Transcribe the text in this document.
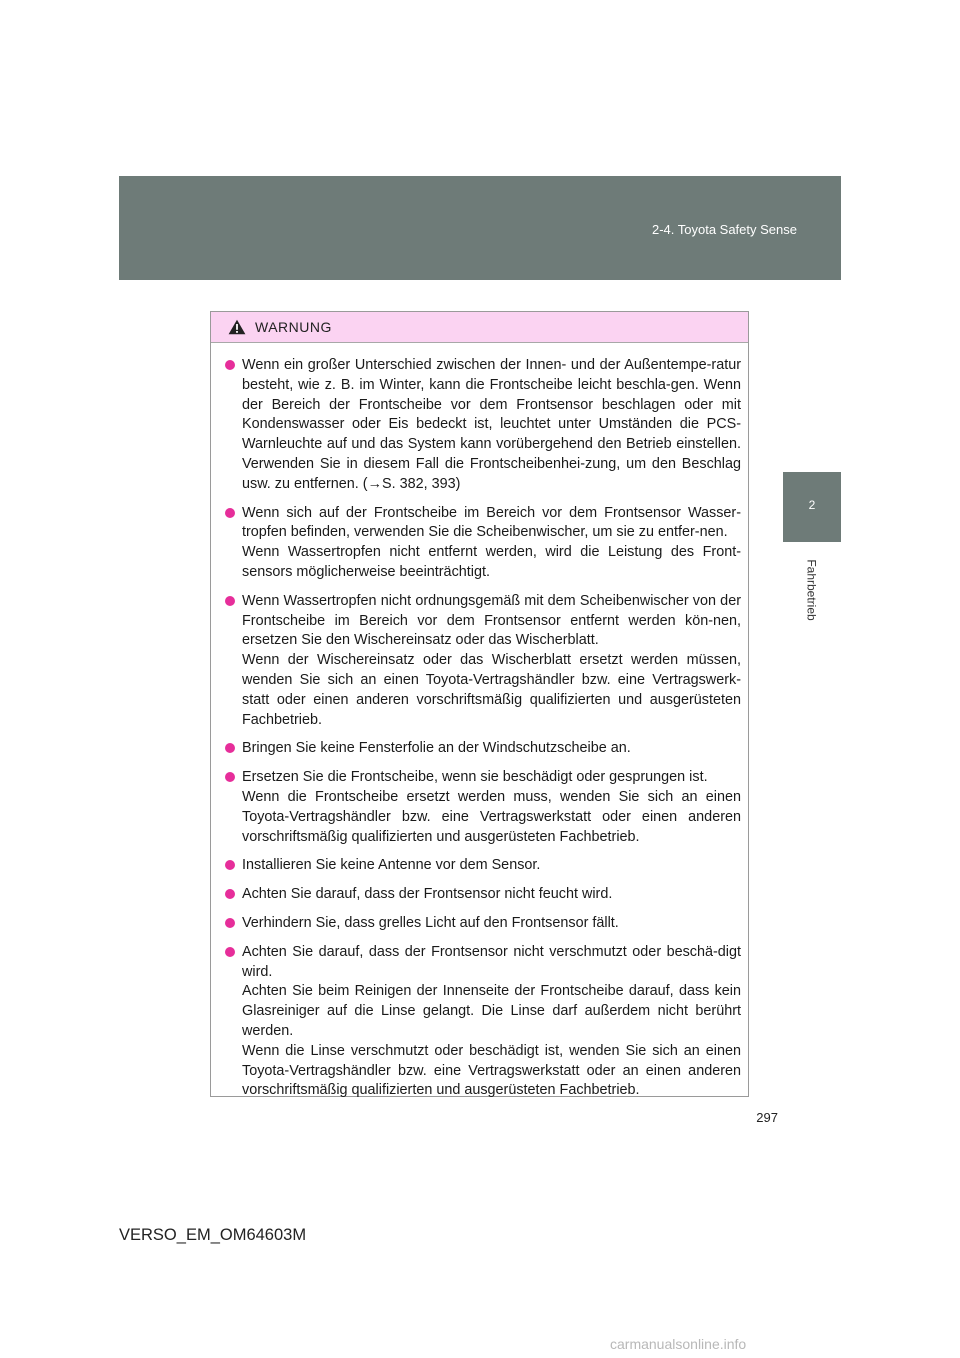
2-4. Toyota Safety Sense
2
Fahrbetrieb
WARNUNG

Wenn ein großer Unterschied zwischen der Innen- und der Außentempe-ratur besteht, wie z. B. im Winter, kann die Frontscheibe leicht beschla-gen. Wenn der Bereich der Frontscheibe vor dem Frontsensor beschlagen oder mit Kondenswasser oder Eis bedeckt ist, leuchtet unter Umständen die PCS-Warnleuchte auf und das System kann vorübergehend den Betrieb einstellen. Verwenden Sie in diesem Fall die Frontscheibenhei-zung, um den Beschlag usw. zu entfernen. (→S. 382, 393)

Wenn sich auf der Frontscheibe im Bereich vor dem Frontsensor Wasser-tropfen befinden, verwenden Sie die Scheibenwischer, um sie zu entfer-nen.

Wenn Wassertropfen nicht entfernt werden, wird die Leistung des Front-sensors möglicherweise beeinträchtigt.

Wenn Wassertropfen nicht ordnungsgemäß mit dem Scheibenwischer von der Frontscheibe im Bereich vor dem Frontsensor entfernt werden kön-nen, ersetzen Sie den Wischereinsatz oder das Wischerblatt.

Wenn der Wischereinsatz oder das Wischerblatt ersetzt werden müssen, wenden Sie sich an einen Toyota-Vertragshändler bzw. eine Vertragswerk-statt oder einen anderen vorschriftsmäßig qualifizierten und ausgerüsteten Fachbetrieb.

Bringen Sie keine Fensterfolie an der Windschutzscheibe an.

Ersetzen Sie die Frontscheibe, wenn sie beschädigt oder gesprungen ist.

Wenn die Frontscheibe ersetzt werden muss, wenden Sie sich an einen Toyota-Vertragshändler bzw. eine Vertragswerkstatt oder einen anderen vorschriftsmäßig qualifizierten und ausgerüsteten Fachbetrieb.

Installieren Sie keine Antenne vor dem Sensor.

Achten Sie darauf, dass der Frontsensor nicht feucht wird.

Verhindern Sie, dass grelles Licht auf den Frontsensor fällt.

Achten Sie darauf, dass der Frontsensor nicht verschmutzt oder beschä-digt wird.

Achten Sie beim Reinigen der Innenseite der Frontscheibe darauf, dass kein Glasreiniger auf die Linse gelangt. Die Linse darf außerdem nicht berührt werden.

Wenn die Linse verschmutzt oder beschädigt ist, wenden Sie sich an einen Toyota-Vertragshändler bzw. eine Vertragswerkstatt oder an einen anderen vorschriftsmäßig qualifizierten und ausgerüsteten Fachbetrieb.

297
VERSO_EM_OM64603M
carmanualsonline.info
